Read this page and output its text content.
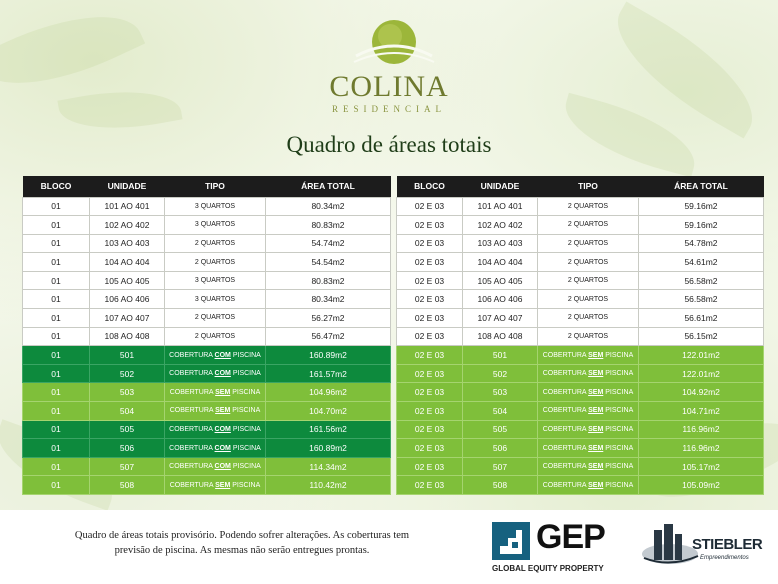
COLINA
RESIDENCIAL
Quadro de áreas totais
BLOCO	UNIDADE	TIPO	ÁREA TOTAL
01	101 AO 401	3 QUARTOS	80.34m2
01	102 AO 402	3 QUARTOS	80.83m2
01	103 AO 403	2 QUARTOS	54.74m2
01	104 AO 404	2 QUARTOS	54.54m2
01	105 AO 405	3 QUARTOS	80.83m2
01	106 AO 406	3 QUARTOS	80.34m2
01	107 AO 407	2 QUARTOS	56.27m2
01	108 AO 408	2 QUARTOS	56.47m2
01	501	COBERTURA COM PISCINA	160.89m2
01	502	COBERTURA COM PISCINA	161.57m2
01	503	COBERTURA SEM PISCINA	104.96m2
01	504	COBERTURA SEM PISCINA	104.70m2
01	505	COBERTURA COM PISCINA	161.56m2
01	506	COBERTURA COM PISCINA	160.89m2
01	507	COBERTURA COM PISCINA	114.34m2
01	508	COBERTURA SEM PISCINA	110.42m2
BLOCO	UNIDADE	TIPO	ÁREA TOTAL
02 E 03	101 AO 401	2 QUARTOS	59.16m2
02 E 03	102 AO 402	2 QUARTOS	59.16m2
02 E 03	103 AO 403	2 QUARTOS	54.78m2
02 E 03	104 AO 404	2 QUARTOS	54.61m2
02 E 03	105 AO 405	2 QUARTOS	56.58m2
02 E 03	106 AO 406	2 QUARTOS	56.58m2
02 E 03	107 AO 407	2 QUARTOS	56.61m2
02 E 03	108 AO 408	2 QUARTOS	56.15m2
02 E 03	501	COBERTURA SEM PISCINA	122.01m2
02 E 03	502	COBERTURA SEM PISCINA	122.01m2
02 E 03	503	COBERTURA SEM PISCINA	104.92m2
02 E 03	504	COBERTURA SEM PISCINA	104.71m2
02 E 03	505	COBERTURA SEM PISCINA	116.96m2
02 E 03	506	COBERTURA SEM PISCINA	116.96m2
02 E 03	507	COBERTURA SEM PISCINA	105.17m2
02 E 03	508	COBERTURA SEM PISCINA	105.09m2
Quadro de áreas totais provisório. Podendo sofrer alterações. As coberturas tem
previsão de piscina. As mesmas não serão entregues prontas.	GEP
GLOBAL EQUITY PROPERTY
STIEBLER
Empreendimentos
